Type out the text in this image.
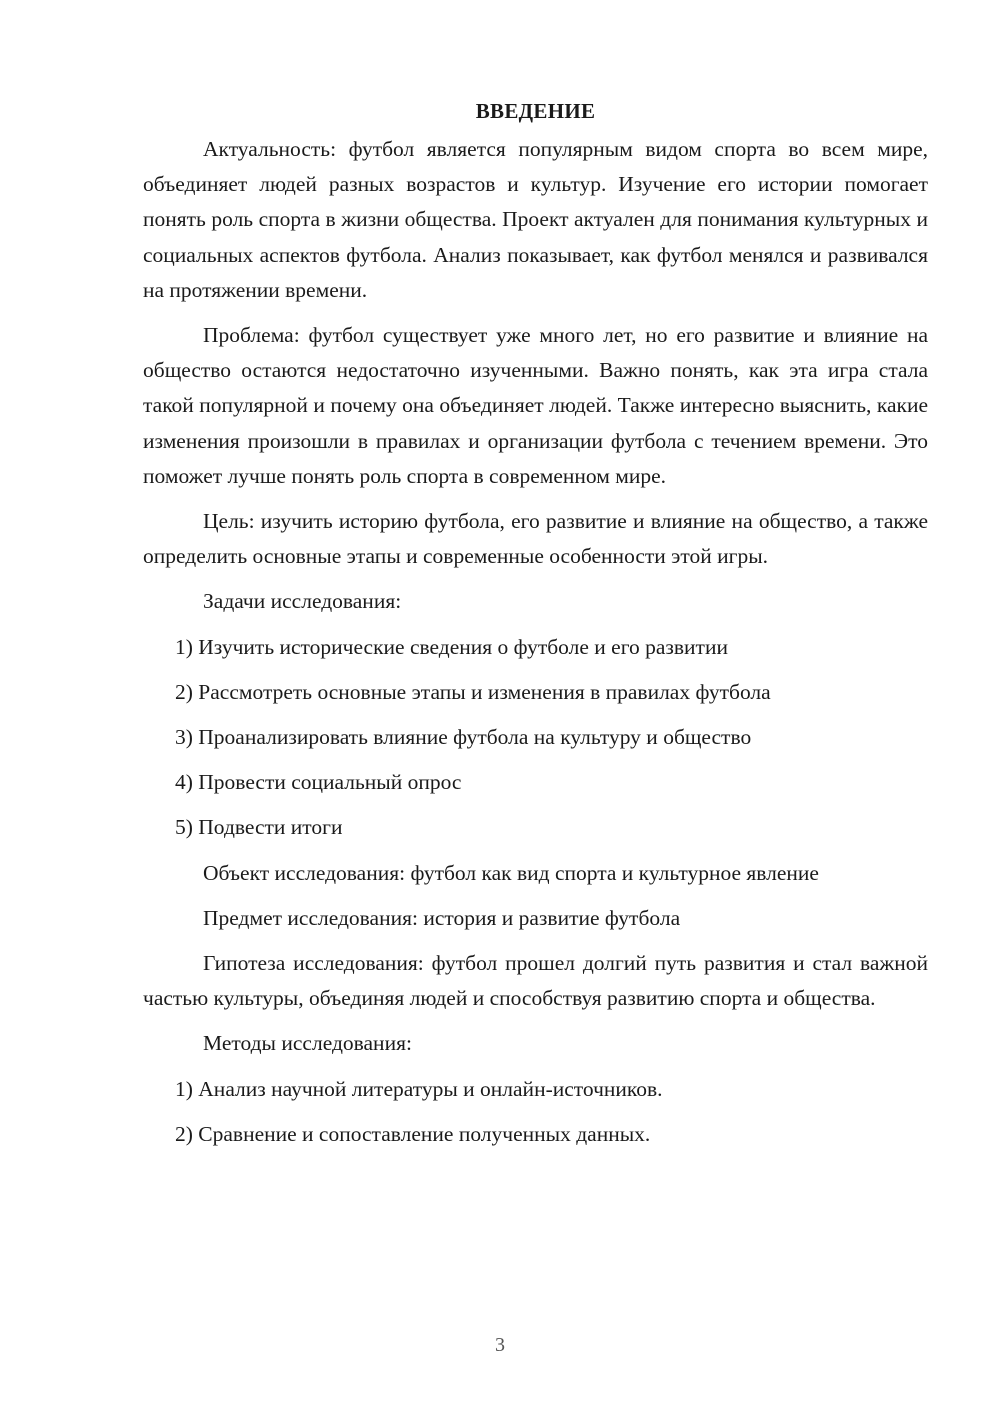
ВВЕДЕНИЕ

Актуальность: футбол является популярным видом спорта во всем мире, объединяет людей разных возрастов и культур. Изучение его истории помогает понять роль спорта в жизни общества. Проект актуален для понимания культурных и социальных аспектов футбола. Анализ показывает, как футбол менялся и развивался на протяжении времени.

Проблема: футбол существует уже много лет, но его развитие и влияние на общество остаются недостаточно изученными. Важно понять, как эта игра стала такой популярной и почему она объединяет людей. Также интересно выяснить, какие изменения произошли в правилах и организации футбола с течением времени. Это поможет лучше понять роль спорта в современном мире.

Цель: изучить историю футбола, его развитие и влияние на общество, а также определить основные этапы и современные особенности этой игры.

Задачи исследования:
1) Изучить исторические сведения о футболе и его развитии
2) Рассмотреть основные этапы и изменения в правилах футбола
3) Проанализировать влияние футбола на культуру и общество
4) Провести социальный опрос
5) Подвести итоги
Объект исследования: футбол как вид спорта и культурное явление
Предмет исследования: история и развитие футбола

Гипотеза исследования: футбол прошел долгий путь развития и стал важной частью культуры, объединяя людей и способствуя развитию спорта и общества.

Методы исследования:
1) Анализ научной литературы и онлайн-источников.
2) Сравнение и сопоставление полученных данных.
3
